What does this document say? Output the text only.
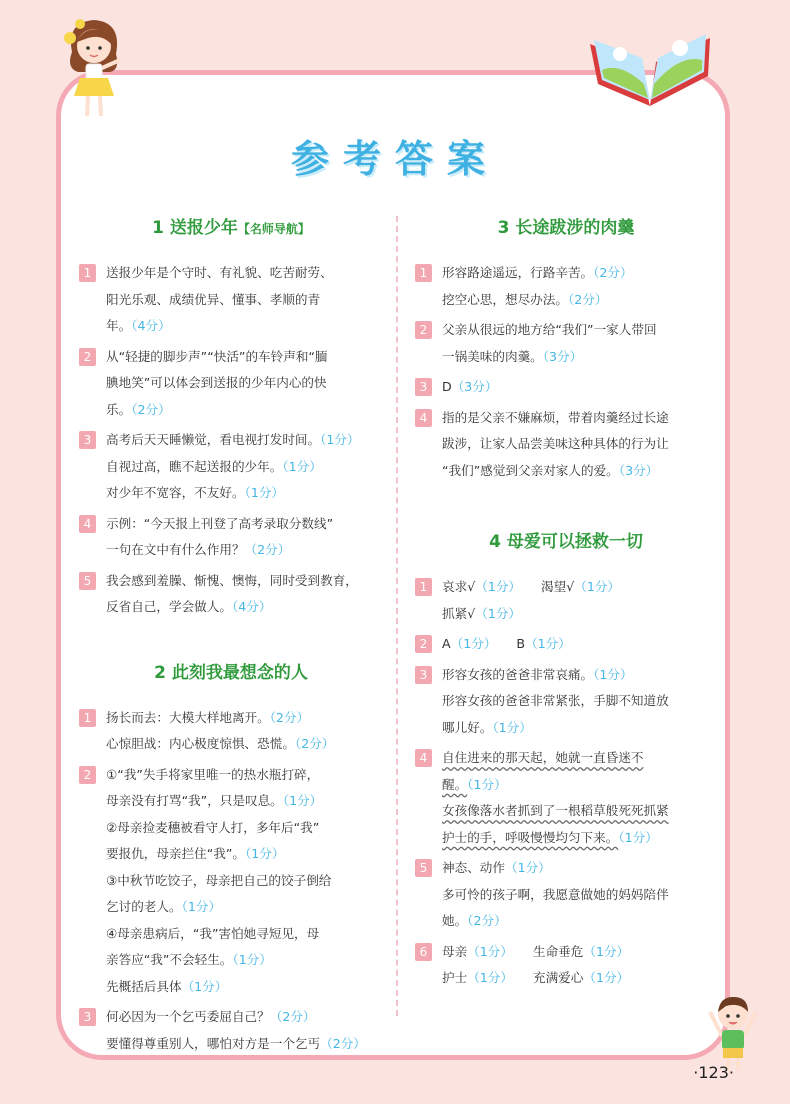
参考答案
1 送报少年【名师导航】
1	送报少年是个守时、有礼貌、吃苦耐劳、
阳光乐观、成绩优异、懂事、孝顺的青
年。（4分）
2	从“轻捷的脚步声”“快活”的车铃声和“腼
腆地笑”可以体会到送报的少年内心的快
乐。（2分）
3	高考后天天睡懒觉，看电视打发时间。（1分）
自视过高，瞧不起送报的少年。（1分）
对少年不宽容，不友好。（1分）
4	示例：“今天报上刊登了高考录取分数线”
一句在文中有什么作用？（2分）
5	我会感到羞臊、惭愧、懊悔，同时受到教育，
反省自己，学会做人。（4分）
2 此刻我最想念的人
1	扬长而去：大模大样地离开。（2分）
心惊胆战：内心极度惊惧、恐慌。（2分）
2	①“我”失手将家里唯一的热水瓶打碎，
母亲没有打骂“我”，只是叹息。（1分）
②母亲捡麦穗被看守人打，多年后“我”
要报仇，母亲拦住“我”。（1分）
③中秋节吃饺子，母亲把自己的饺子倒给
乞讨的老人。（1分）
④母亲患病后，“我”害怕她寻短见，母
亲答应“我”不会轻生。（1分）
先概括后具体（1分）
3	何必因为一个乞丐委屈自己？（2分）
要懂得尊重别人，哪怕对方是一个乞丐（2分）
3 长途跋涉的肉羹
1	形容路途遥远，行路辛苦。（2分）
挖空心思，想尽办法。（2分）
2	父亲从很远的地方给“我们”一家人带回
一锅美味的肉羹。（3分）
3	D（3分）
4	指的是父亲不嫌麻烦，带着肉羹经过长途
跋涉，让家人品尝美味这种具体的行为让
“我们”感觉到父亲对家人的爱。（3分）
4 母爱可以拯救一切
1	哀求√（1分） 渴望√（1分）
抓紧√（1分）
2	A（1分） B（1分）
3	形容女孩的爸爸非常哀痛。（1分）
形容女孩的爸爸非常紧张，手脚不知道放
哪儿好。（1分）
4	自住进来的那天起，她就一直昏迷不
醒。（1分）
女孩像落水者抓到了一根稻草般死死抓紧
护士的手，呼吸慢慢均匀下来。（1分）
5	神态、动作（1分）
多可怜的孩子啊，我愿意做她的妈妈陪伴
她。（2分）
6	母亲（1分） 生命垂危（1分）
护士（1分） 充满爱心（1分）
·123·
